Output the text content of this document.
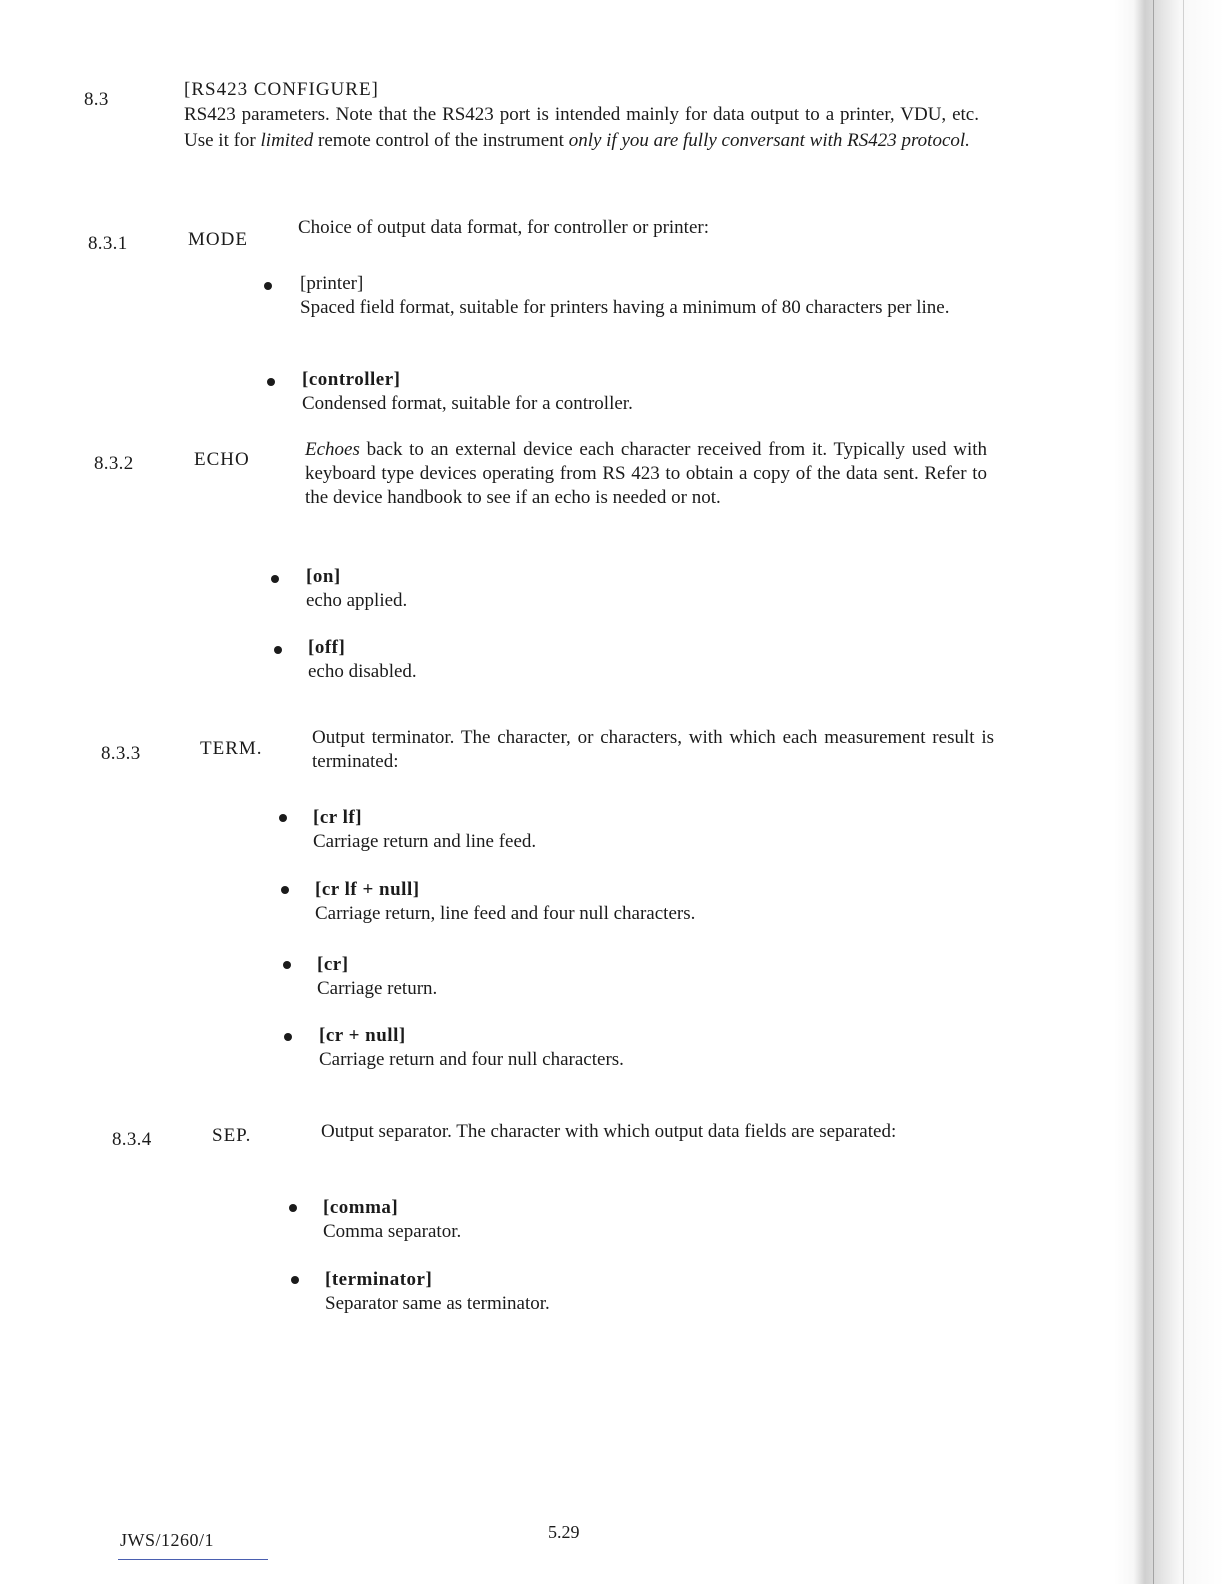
8.3	[RS423 CONFIGURE]
RS423 parameters. Note that the RS423 port is intended mainly for data output to a printer, VDU, etc. Use it for limited remote control of the instrument only if you are fully conversant with RS423 protocol.
8.3.1	MODE
Choice of output data format, for controller or printer:
[printer]
Spaced field format, suitable for printers having a minimum of 80 characters per line.
[controller]
Condensed format, suitable for a controller.
8.3.2	ECHO	Echoes back to an external device each character received from it. Typically used with keyboard type devices operating from RS 423 to obtain a copy of the data sent. Refer to the device handbook to see if an echo is needed or not.
[on]
echo applied.
[off]
echo disabled.
8.3.3	TERM.
Output terminator. The character, or characters, with which each measurement result is terminated:
[cr lf]
Carriage return and line feed.
[cr lf + null]
Carriage return, line feed and four null characters.
[cr]
Carriage return.
[cr + null]
Carriage return and four null characters.
8.3.4	SEP.	Output separator. The character with which output data fields are separated:
[comma]
Comma separator.
[terminator]
Separator same as terminator.
JWS/1260/1	5.29
